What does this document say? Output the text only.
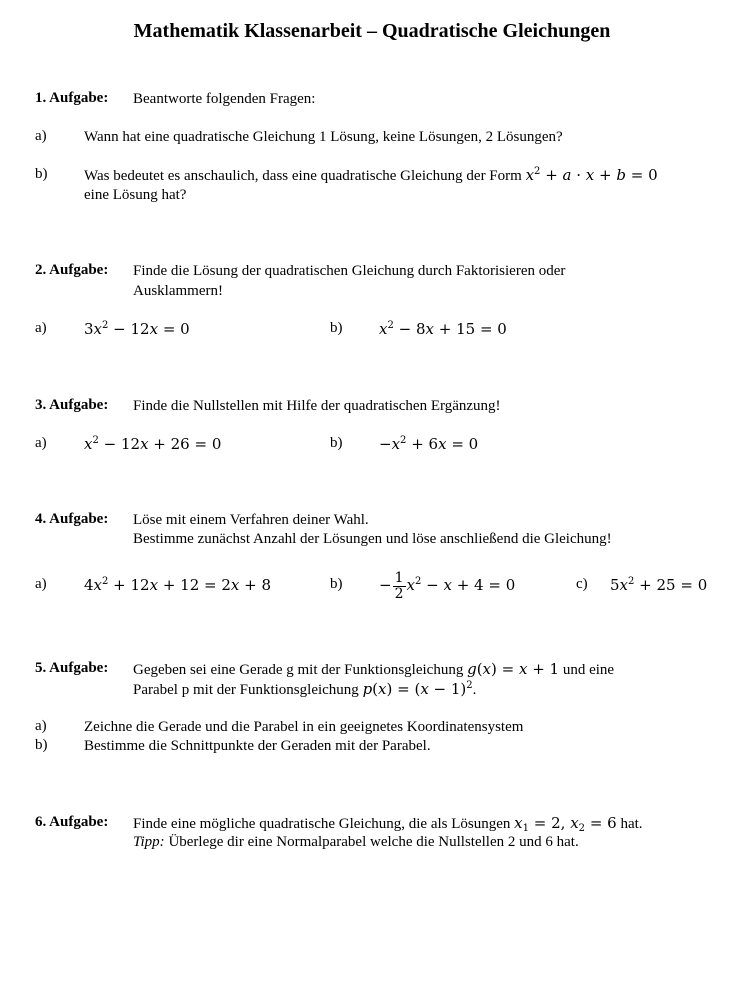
Mathematik Klassenarbeit – Quadratische Gleichungen
1. Aufgabe: Beantworte folgenden Fragen:
a) Wann hat eine quadratische Gleichung 1 Lösung, keine Lösungen, 2 Lösungen?
b) Was bedeutet es anschaulich, dass eine quadratische Gleichung der Form $x^2 + a \cdot x + b = 0$
eine Lösung hat?
2. Aufgabe: Finde die Lösung der quadratischen Gleichung durch Faktorisieren oder
Ausklammern!
a) $3x^2 - 12x = 0$	b) $x^2 - 8x + 15 = 0$
3. Aufgabe: Finde die Nullstellen mit Hilfe der quadratischen Ergänzung!
a) $x^2 - 12x + 26 = 0$	$b) -x^2 + 6x = 0$
4. Aufgabe: Löse mit einem Verfahren deiner Wahl.
Bestimme zunächst Anzahl der Lösungen und löse anschließend die Gleichung!
a) $4x^2 + 12x + 12 = 2x + 8$	$b) - \frac{1}{2} x^2 - x + 4 = 0$	c) $5x^2 + 25 = 0$
5. Aufgabe: Gegeben sei eine Gerade g mit der Funktionsgleichung g(x) = x + 1 und eine
Parabel p mit der Funktionsgleichung $p(x) = (x - 1)^2$.
a) Zeichne die Gerade und die Parabel in ein geeignetes Koordinatensystem
b) Bestimme die Schnittpunkte der Geraden mit der Parabel.
6. Aufgabe: Finde eine mögliche quadratische Gleichung, die als Lösungen $x_1 = 2$, $x_2 = 6$ hat.
Tipp: Überlege dir eine Normalparabel welche die Nullstellen 2 und 6 hat.
